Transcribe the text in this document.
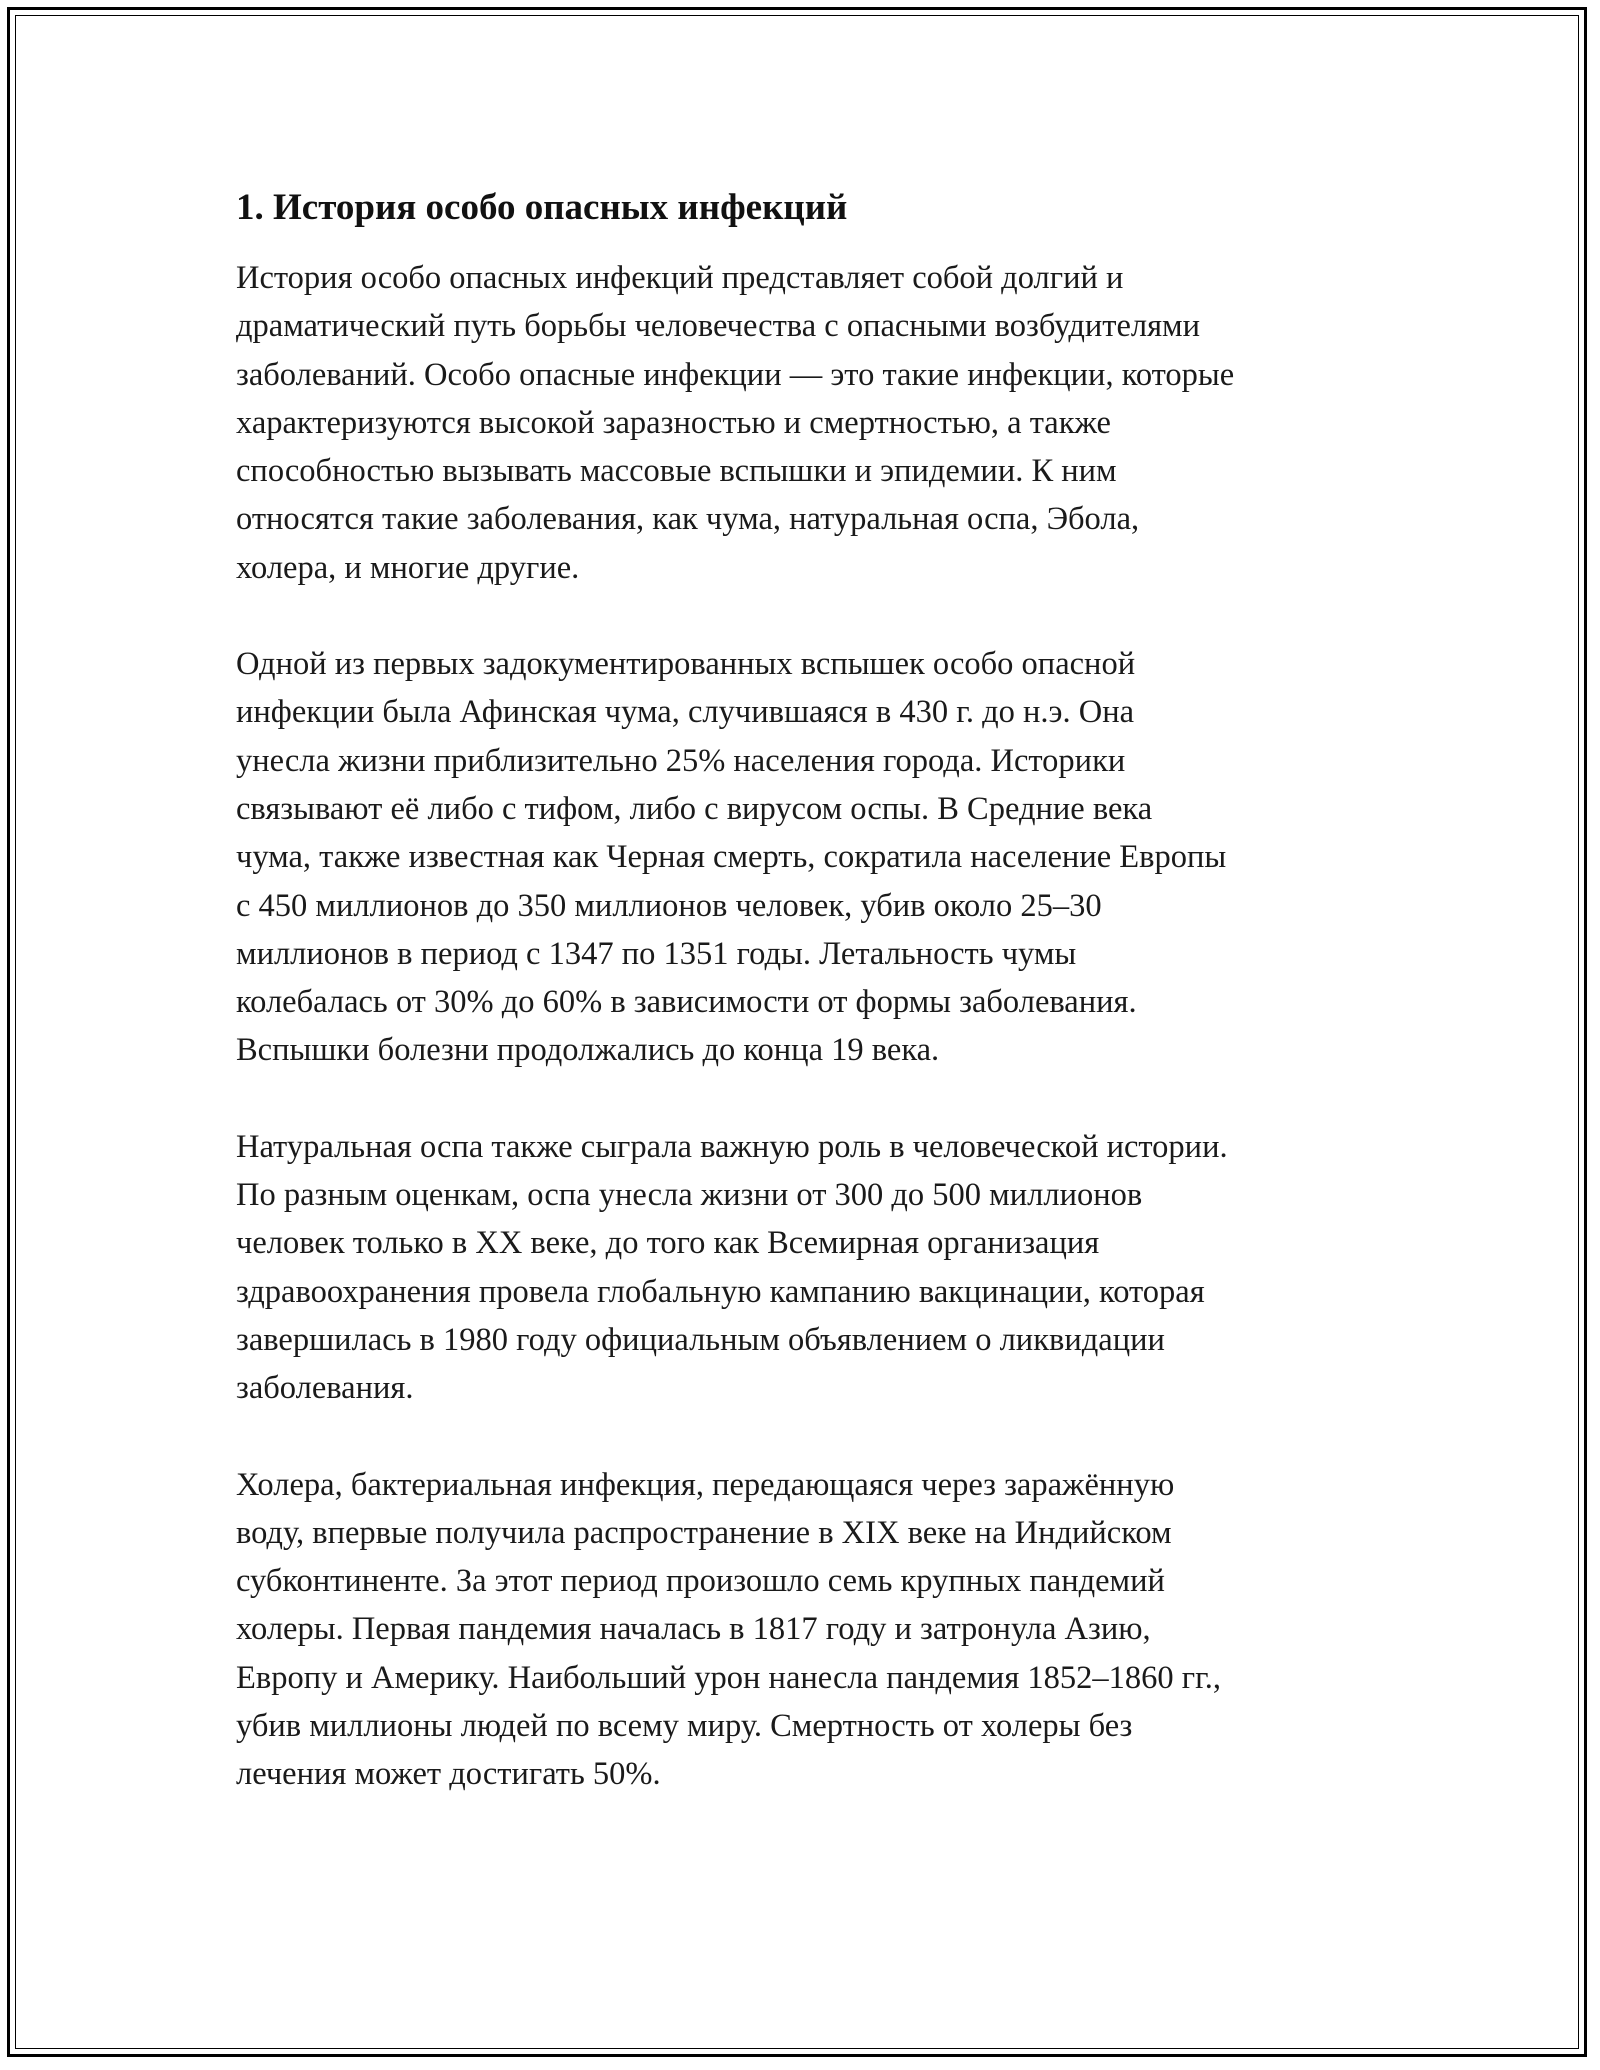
1. История особо опасных инфекций

История особо опасных инфекций представляет собой долгий и
драматический путь борьбы человечества с опасными возбудителями
заболеваний. Особо опасные инфекции — это такие инфекции, которые
характеризуются высокой заразностью и смертностью, а также
способностью вызывать массовые вспышки и эпидемии. К ним
относятся такие заболевания, как чума, натуральная оспа, Эбола,
холера, и многие другие.

Одной из первых задокументированных вспышек особо опасной
инфекции была Афинская чума, случившаяся в 430 г. до н.э. Она
унесла жизни приблизительно 25% населения города. Историки
связывают её либо с тифом, либо с вирусом оспы. В Средние века
чума, также известная как Черная смерть, сократила население Европы
с 450 миллионов до 350 миллионов человек, убив около 25–30
миллионов в период с 1347 по 1351 годы. Летальность чумы
колебалась от 30% до 60% в зависимости от формы заболевания.
Вспышки болезни продолжались до конца 19 века.

Натуральная оспа также сыграла важную роль в человеческой истории.
По разным оценкам, оспа унесла жизни от 300 до 500 миллионов
человек только в XX веке, до того как Всемирная организация
здравоохранения провела глобальную кампанию вакцинации, которая
завершилась в 1980 году официальным объявлением о ликвидации
заболевания.

Холера, бактериальная инфекция, передающаяся через заражённую
воду, впервые получила распространение в XIX веке на Индийском
субконтиненте. За этот период произошло семь крупных пандемий
холеры. Первая пандемия началась в 1817 году и затронула Азию,
Европу и Америку. Наибольший урон нанесла пандемия 1852–1860 гг.,
убив миллионы людей по всему миру. Смертность от холеры без
лечения может достигать 50%.
